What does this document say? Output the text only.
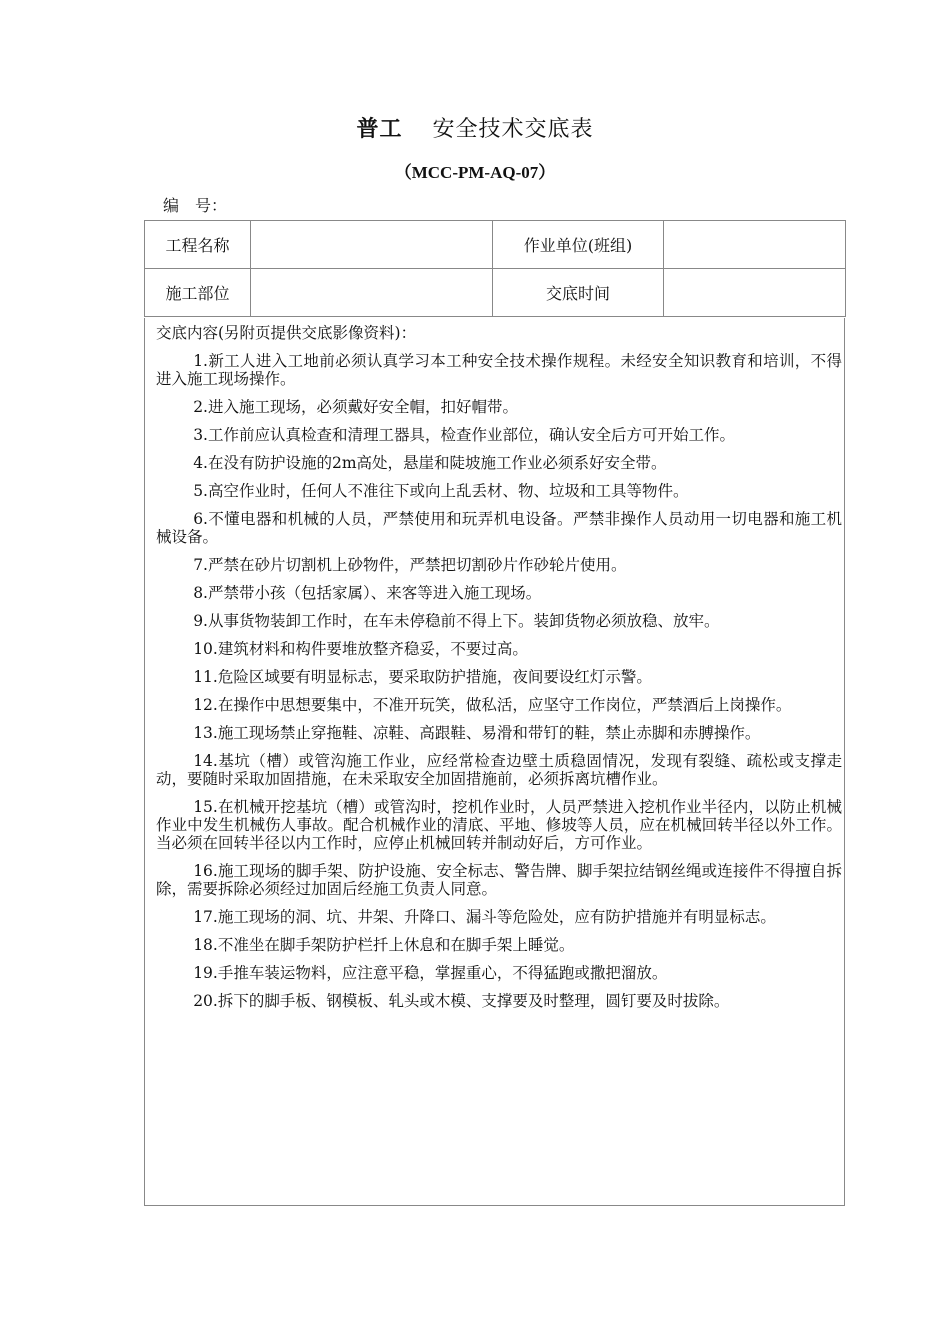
普工 安全技术交底表
（MCC-PM-AQ-07）
编　号：
工程名称		作业单位(班组)	
施工部位		交底时间	
交底内容(另附页提供交底影像资料)：

1.新工人进入工地前必须认真学习本工种安全技术操作规程。未经安全知识教育和培训，不得进入施工现场操作。

2.进入施工现场，必须戴好安全帽，扣好帽带。

3.工作前应认真检查和清理工器具，检查作业部位，确认安全后方可开始工作。

4.在没有防护设施的2m高处，悬崖和陡坡施工作业必须系好安全带。

5.高空作业时，任何人不准往下或向上乱丢材、物、垃圾和工具等物件。

6.不懂电器和机械的人员，严禁使用和玩弄机电设备。严禁非操作人员动用一切电器和施工机械设备。

7.严禁在砂片切割机上砂物件，严禁把切割砂片作砂轮片使用。

8.严禁带小孩（包括家属）、来客等进入施工现场。

9.从事货物装卸工作时，在车未停稳前不得上下。装卸货物必须放稳、放牢。

10.建筑材料和构件要堆放整齐稳妥，不要过高。

11.危险区域要有明显标志，要采取防护措施，夜间要设红灯示警。

12.在操作中思想要集中，不准开玩笑，做私活，应坚守工作岗位，严禁酒后上岗操作。

13.施工现场禁止穿拖鞋、凉鞋、高跟鞋、易滑和带钉的鞋，禁止赤脚和赤膊操作。

14.基坑（槽）或管沟施工作业，应经常检查边壁土质稳固情况，发现有裂缝、疏松或支撑走动，要随时采取加固措施，在未采取安全加固措施前，必须拆离坑槽作业。

15.在机械开挖基坑（槽）或管沟时，挖机作业时，人员严禁进入挖机作业半径内，以防止机械作业中发生机械伤人事故。配合机械作业的清底、平地、修坡等人员，应在机械回转半径以外工作。当必须在回转半径以内工作时，应停止机械回转并制动好后，方可作业。

16.施工现场的脚手架、防护设施、安全标志、警告牌、脚手架拉结钢丝绳或连接件不得擅自拆除，需要拆除必须经过加固后经施工负责人同意。

17.施工现场的洞、坑、井架、升降口、漏斗等危险处，应有防护措施并有明显标志。

18.不准坐在脚手架防护栏扦上休息和在脚手架上睡觉。

19.手推车装运物料，应注意平稳，掌握重心，不得猛跑或撒把溜放。

20.拆下的脚手板、钢模板、轧头或木模、支撑要及时整理，圆钉要及时拔除。
